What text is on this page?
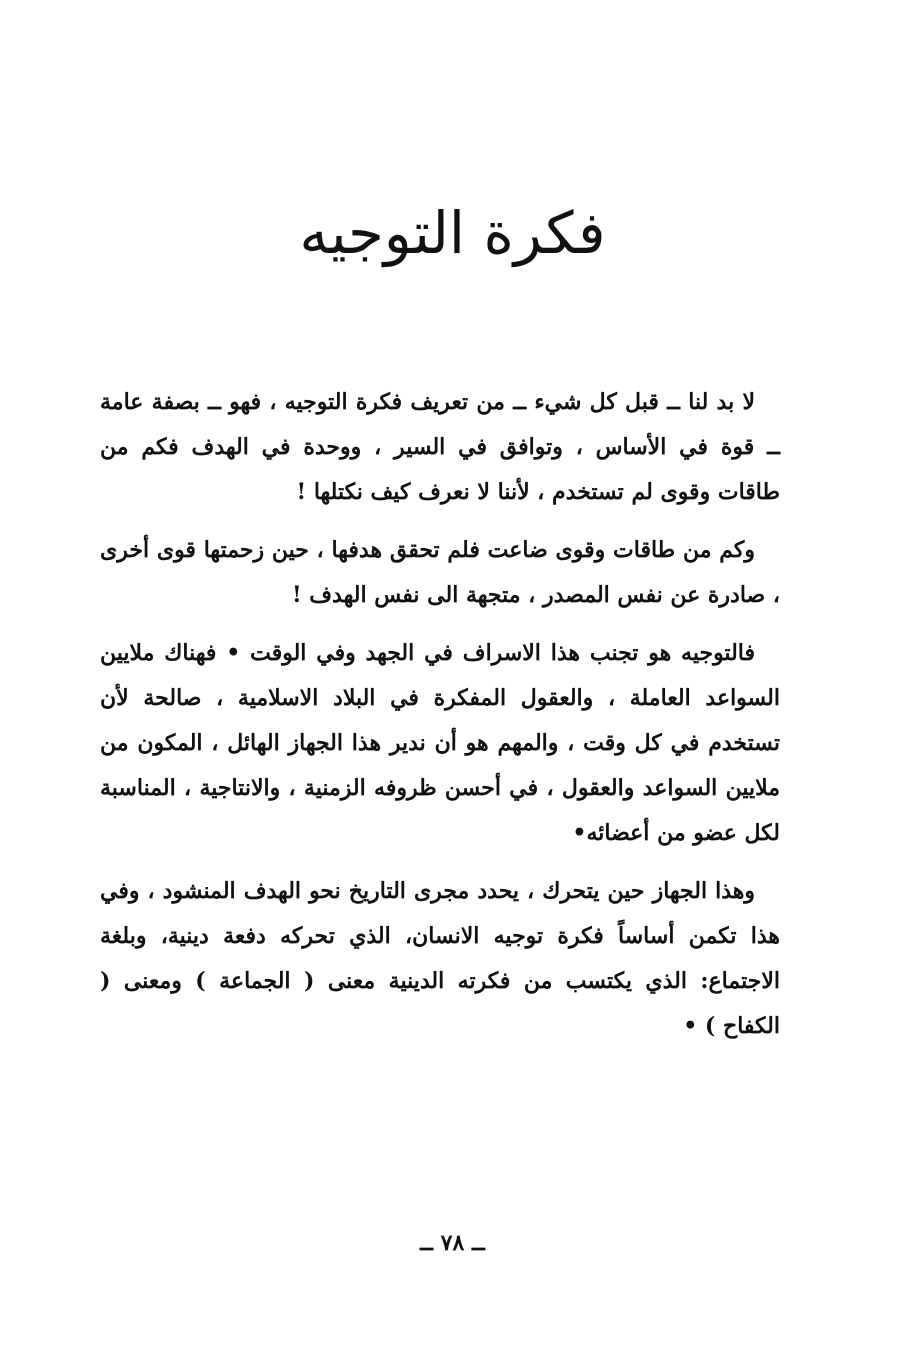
فكرة التوجيه

لا بد لنا ــ قبل كل شيء ــ من تعريف فكرة التوجيه ، فهو ــ بصفة عامة ــ قوة في الأساس ، وتوافق في السير ، ووحدة في الهدف فكم من طاقات وقوى لم تستخدم ، لأننا لا نعرف كيف نكتلها !

وكم من طاقات وقوى ضاعت فلم تحقق هدفها ، حين زحمتها قوى أخرى ، صادرة عن نفس المصدر ، متجهة الى نفس الهدف !

فالتوجيه هو تجنب هذا الاسراف في الجهد وفي الوقت • فهناك ملايين السواعد العاملة ، والعقول المفكرة في البلاد الاسلامية ، صالحة لأن تستخدم في كل وقت ، والمهم هو أن ندير هذا الجهاز الهائل ، المكون من ملايين السواعد والعقول ، في أحسن ظروفه الزمنية ، والانتاجية ، المناسبة لكل عضو من أعضائه•

وهذا الجهاز حين يتحرك ، يحدد مجرى التاريخ نحو الهدف المنشود ، وفي هذا تكمن أساساً فكرة توجيه الانسان، الذي تحركه دفعة دينية، وبلغة الاجتماع: الذي يكتسب من فكرته الدينية معنى ( الجماعة ) ومعنى ( الكفاح ) •

ــ ٧٨ ــ
